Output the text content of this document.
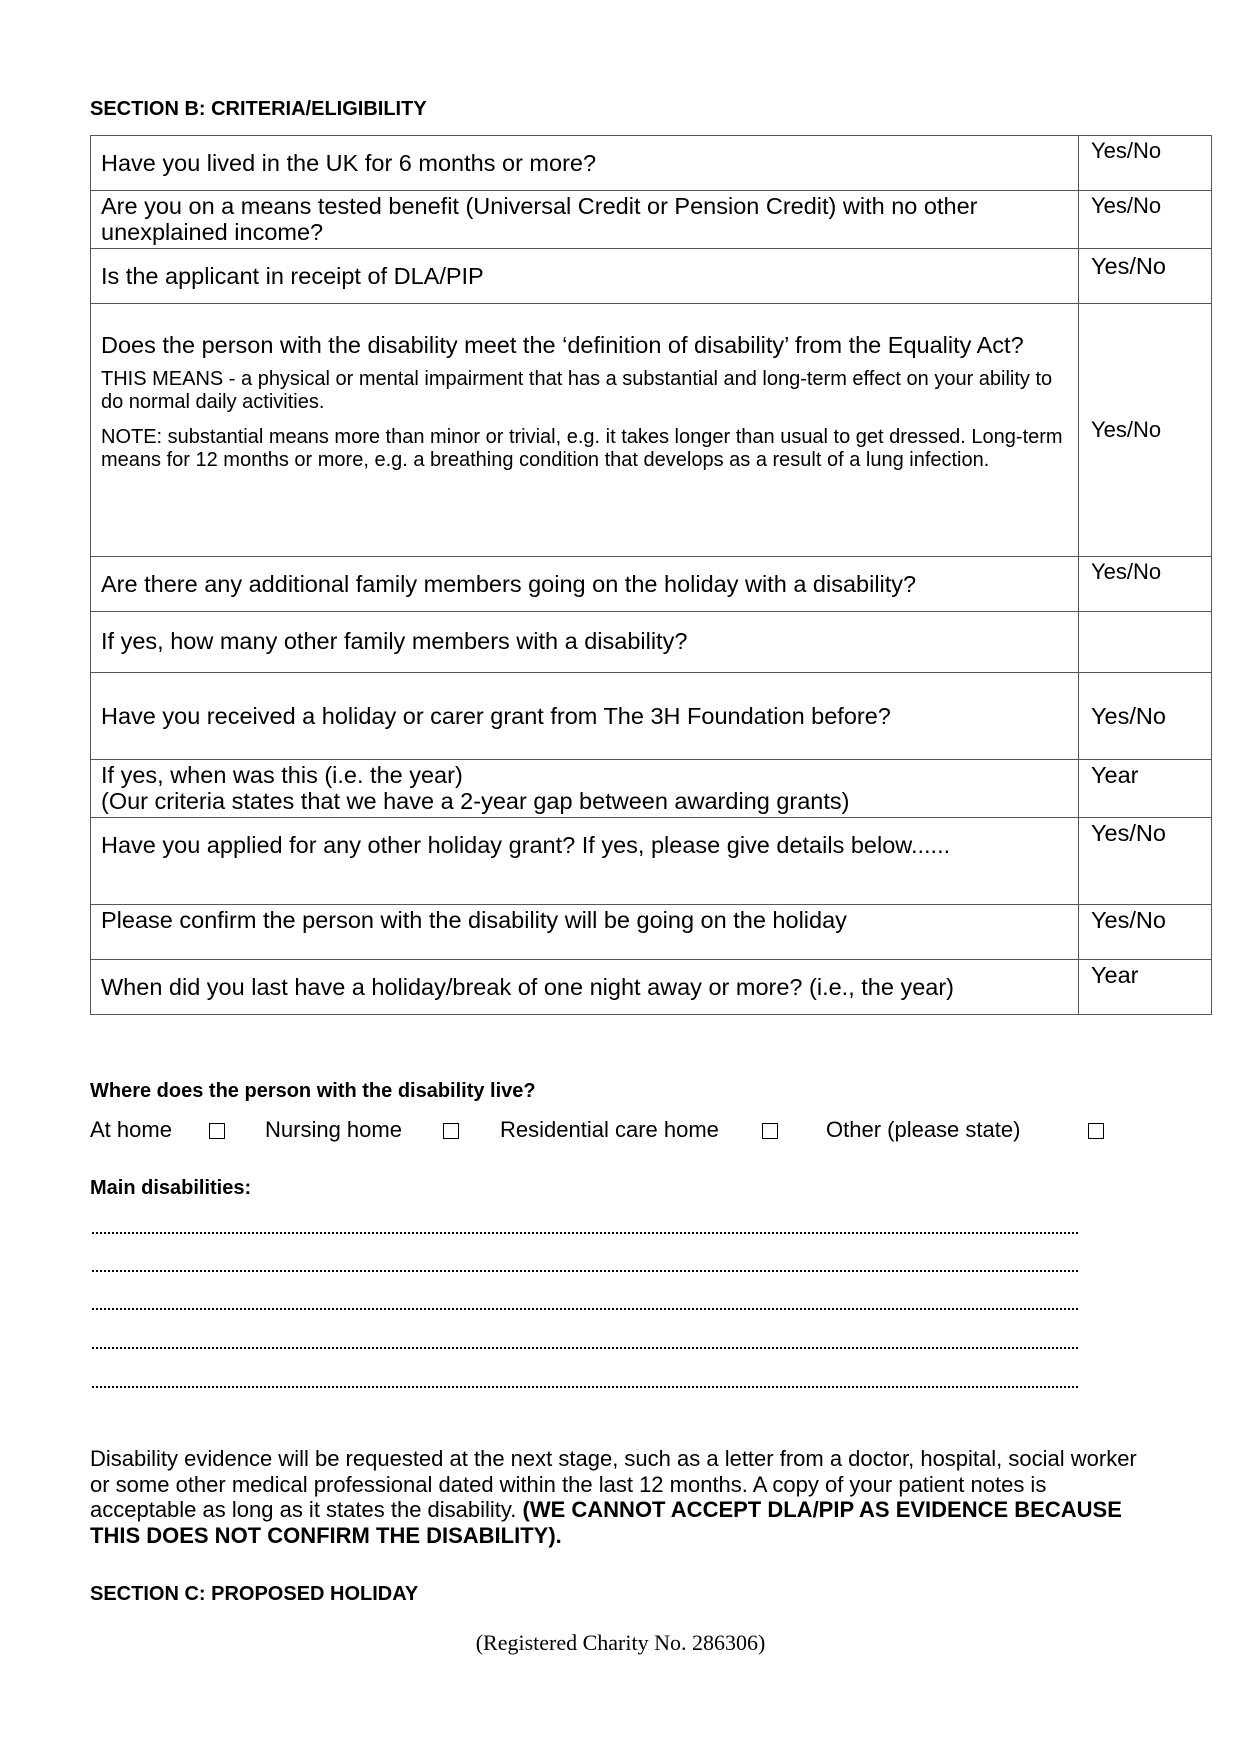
SECTION B: CRITERIA/ELIGIBILITY
Have you lived in the UK for 6 months or more?	Yes/No
Are you on a means tested benefit (Universal Credit or Pension Credit) with no other unexplained income?	Yes/No
Is the applicant in receipt of DLA/PIP	Yes/No

Does the person with the disability meet the ‘definition of disability’ from the Equality Act?
THIS MEANS - a physical or mental impairment that has a substantial and long-term effect on your ability to do normal daily activities.
NOTE: substantial means more than minor or trivial, e.g. it takes longer than usual to get dressed. Long-term means for 12 months or more, e.g. a breathing condition that develops as a result of a lung infection.	Yes/No
Are there any additional family members going on the holiday with a disability?	Yes/No
If yes, how many other family members with a disability?	
Have you received a holiday or carer grant from The 3H Foundation before?	Yes/No

If yes, when was this (i.e. the year)
(Our criteria states that we have a 2-year gap between awarding grants)	Year
Have you applied for any other holiday grant? If yes, please give details below......	Yes/No
Please confirm the person with the disability will be going on the holiday	Yes/No
When did you last have a holiday/break of one night away or more? (i.e., the year)	Year
Where does the person with the disability live?
At home	Nursing home	Residential care home	Other (please state)
Main disabilities:
Disability evidence will be requested at the next stage, such as a letter from a doctor, hospital, social worker or some other medical professional dated within the last 12 months. A copy of your patient notes is acceptable as long as it states the disability. (WE CANNOT ACCEPT DLA/PIP AS EVIDENCE BECAUSE THIS DOES NOT CONFIRM THE DISABILITY).
SECTION C: PROPOSED HOLIDAY
(Registered Charity No. 286306)
